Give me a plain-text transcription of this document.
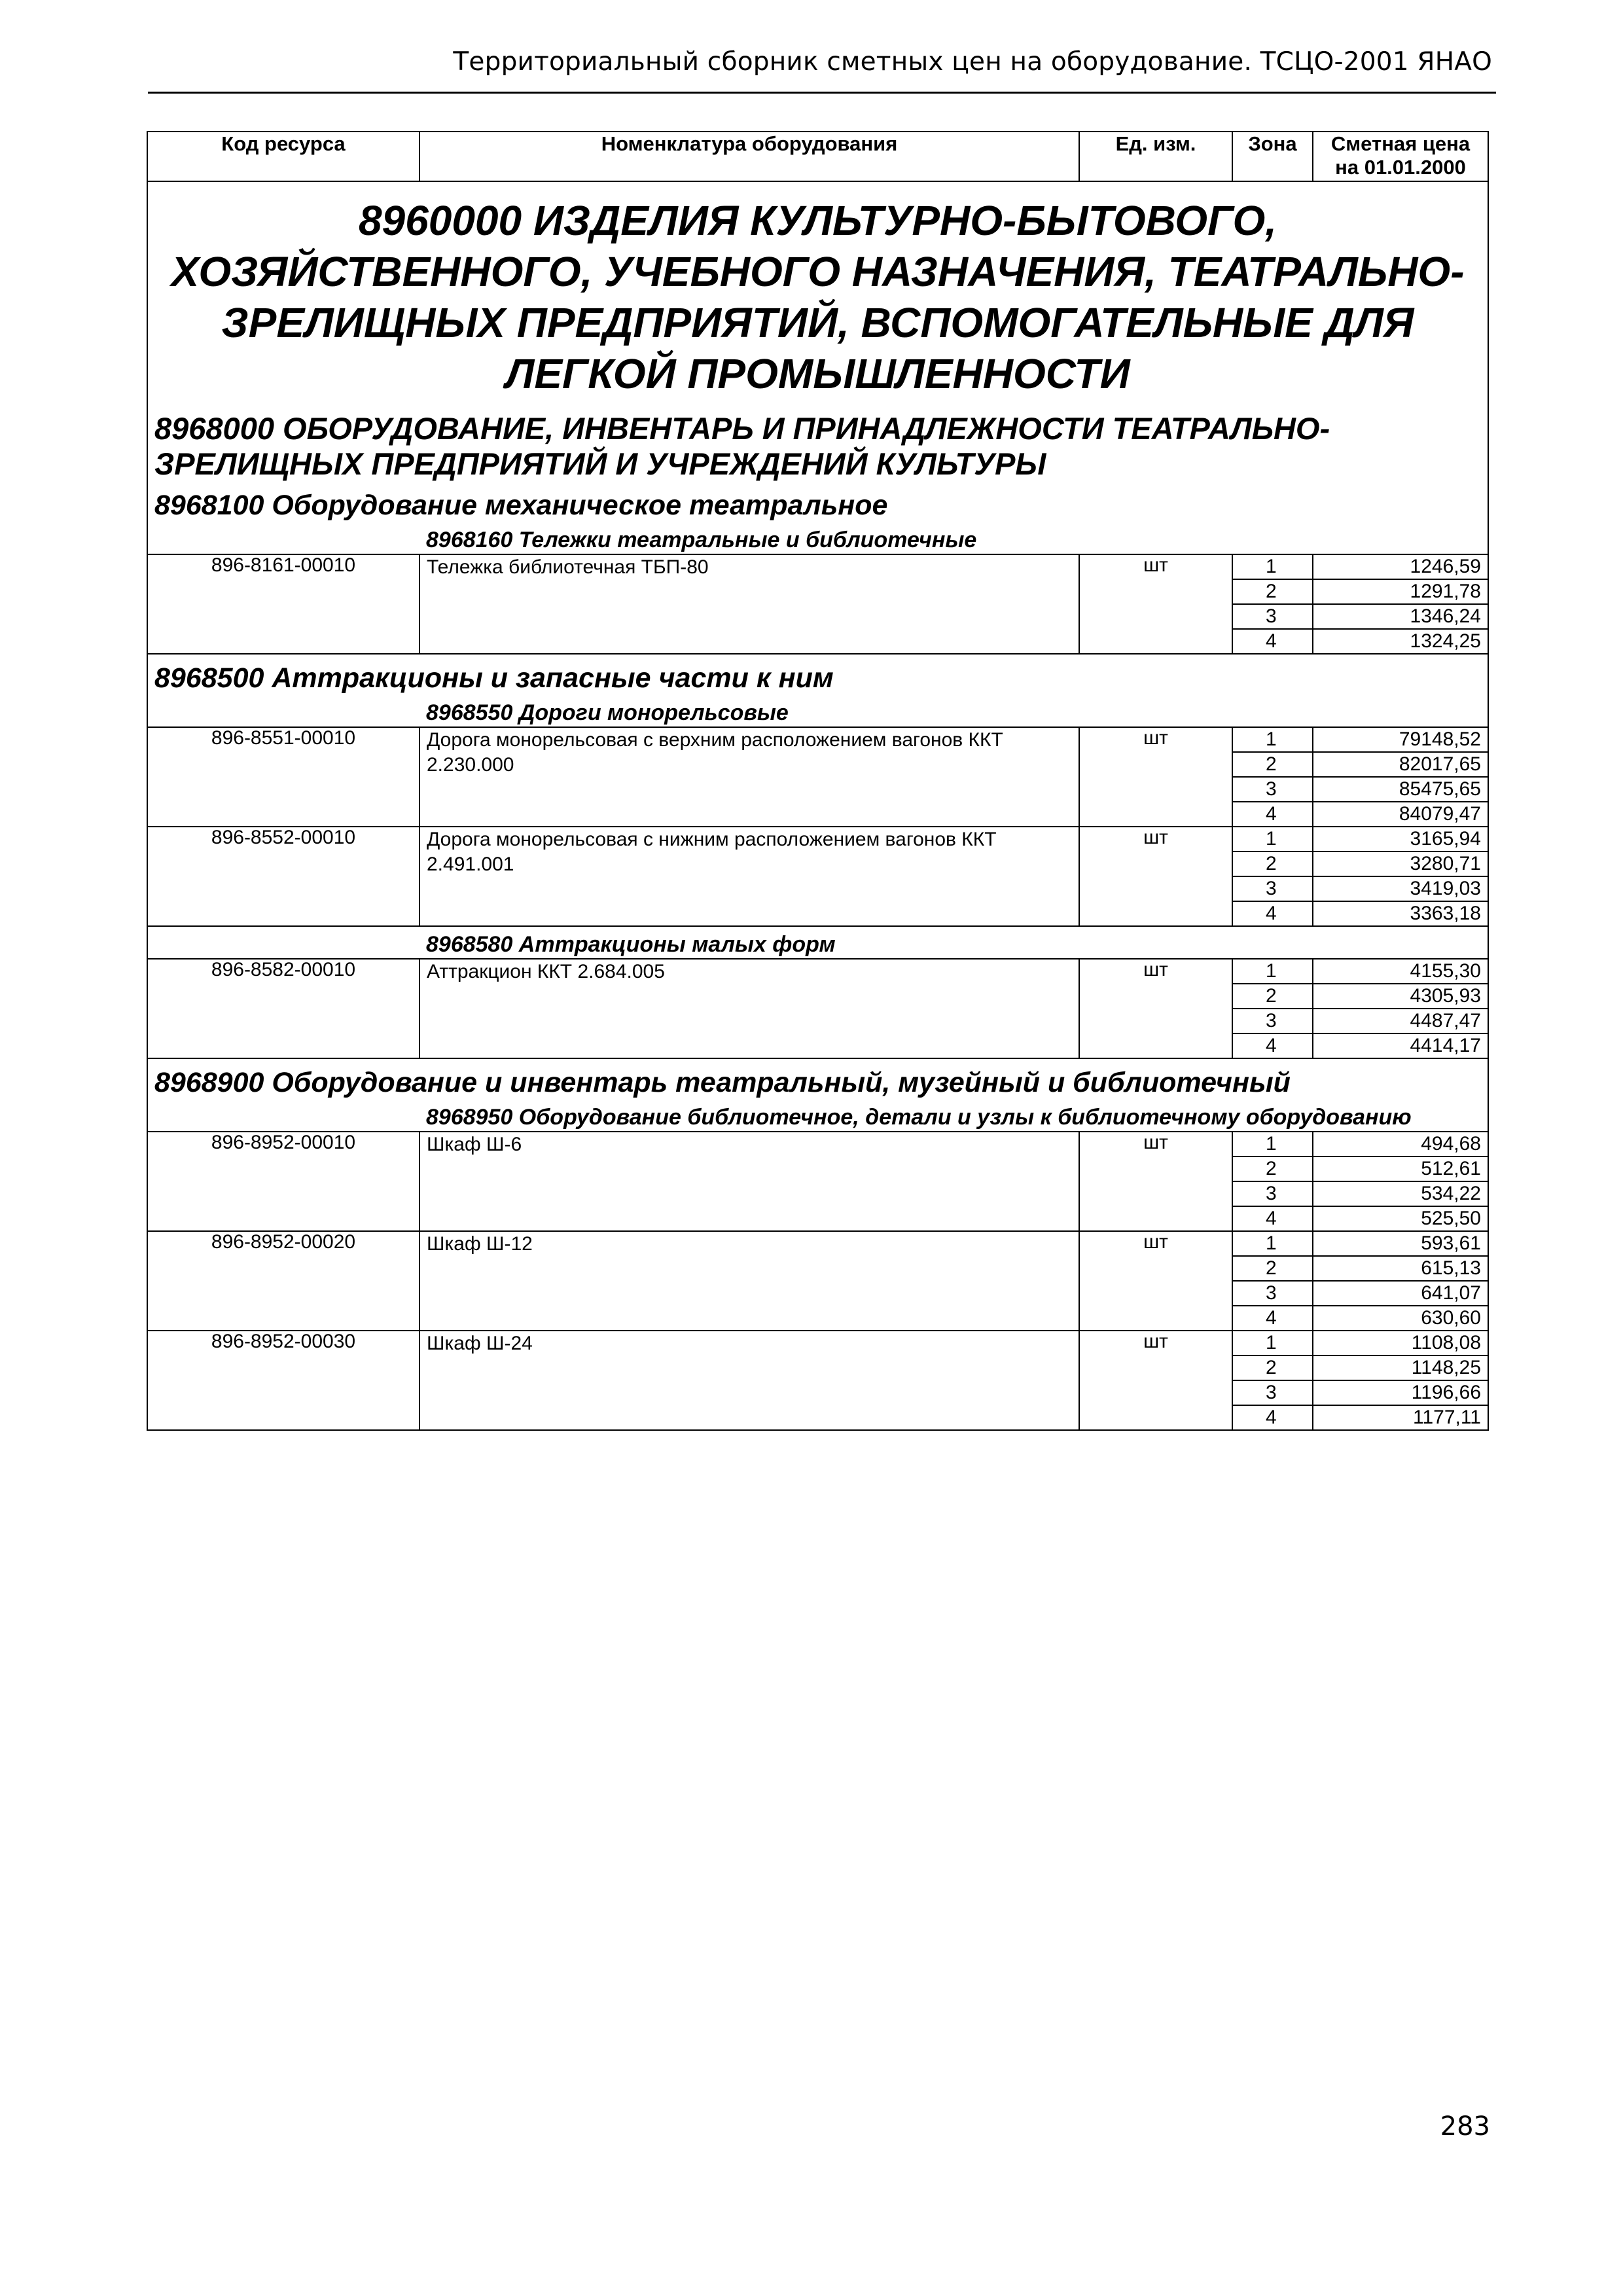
Территориальный сборник сметных цен на оборудование. ТСЦО-2001 ЯНАО
Код ресурса	Номенклатура оборудования	Ед. изм.	Зона	Сметная цена
на 01.01.2000

8960000 ИЗДЕЛИЯ КУЛЬТУРНО-БЫТОВОГО, ХОЗЯЙСТВЕННОГО, УЧЕБНОГО НАЗНАЧЕНИЯ, ТЕАТРАЛЬНО-ЗРЕЛИЩНЫХ ПРЕДПРИЯТИЙ, ВСПОМОГАТЕЛЬНЫЕ ДЛЯ ЛЕГКОЙ ПРОМЫШЛЕННОСТИ				
8968000 ОБОРУДОВАНИЕ, ИНВЕНТАРЬ И ПРИНАДЛЕЖНОСТИ ТЕАТРАЛЬНО-ЗРЕЛИЩНЫХ ПРЕДПРИЯТИЙ И УЧРЕЖДЕНИЙ КУЛЬТУРЫ				
8968100 Оборудование механическое театральное				
	8968160 Тележки театральные и библиотечные			
896-8161-00010	Тележка библиотечная ТБП-80	шт	1	1246,59
			2	1291,78
			3	1346,24
			4	1324,25
8968500 Аттракционы и запасные части к ним				
	8968550 Дороги монорельсовые			
896-8551-00010	Дорога монорельсовая с верхним расположением вагонов ККТ 2.230.000	шт	1	79148,52
			2	82017,65
			3	85475,65
			4	84079,47
896-8552-00010	Дорога монорельсовая с нижним расположением вагонов ККТ 2.491.001	шт	1	3165,94
			2	3280,71
			3	3419,03
			4	3363,18
	8968580 Аттракционы малых форм			
896-8582-00010	Аттракцион ККТ 2.684.005	шт	1	4155,30
			2	4305,93
			3	4487,47
			4	4414,17
8968900 Оборудование и инвентарь театральный, музейный и библиотечный				
	8968950 Оборудование библиотечное, детали и узлы к библиотечному оборудованию			
896-8952-00010	Шкаф Ш-6	шт	1	494,68
			2	512,61
			3	534,22
			4	525,50
896-8952-00020	Шкаф Ш-12	шт	1	593,61
			2	615,13
			3	641,07
			4	630,60
896-8952-00030	Шкаф Ш-24	шт	1	1108,08
			2	1148,25
			3	1196,66
			4	1177,11
283
